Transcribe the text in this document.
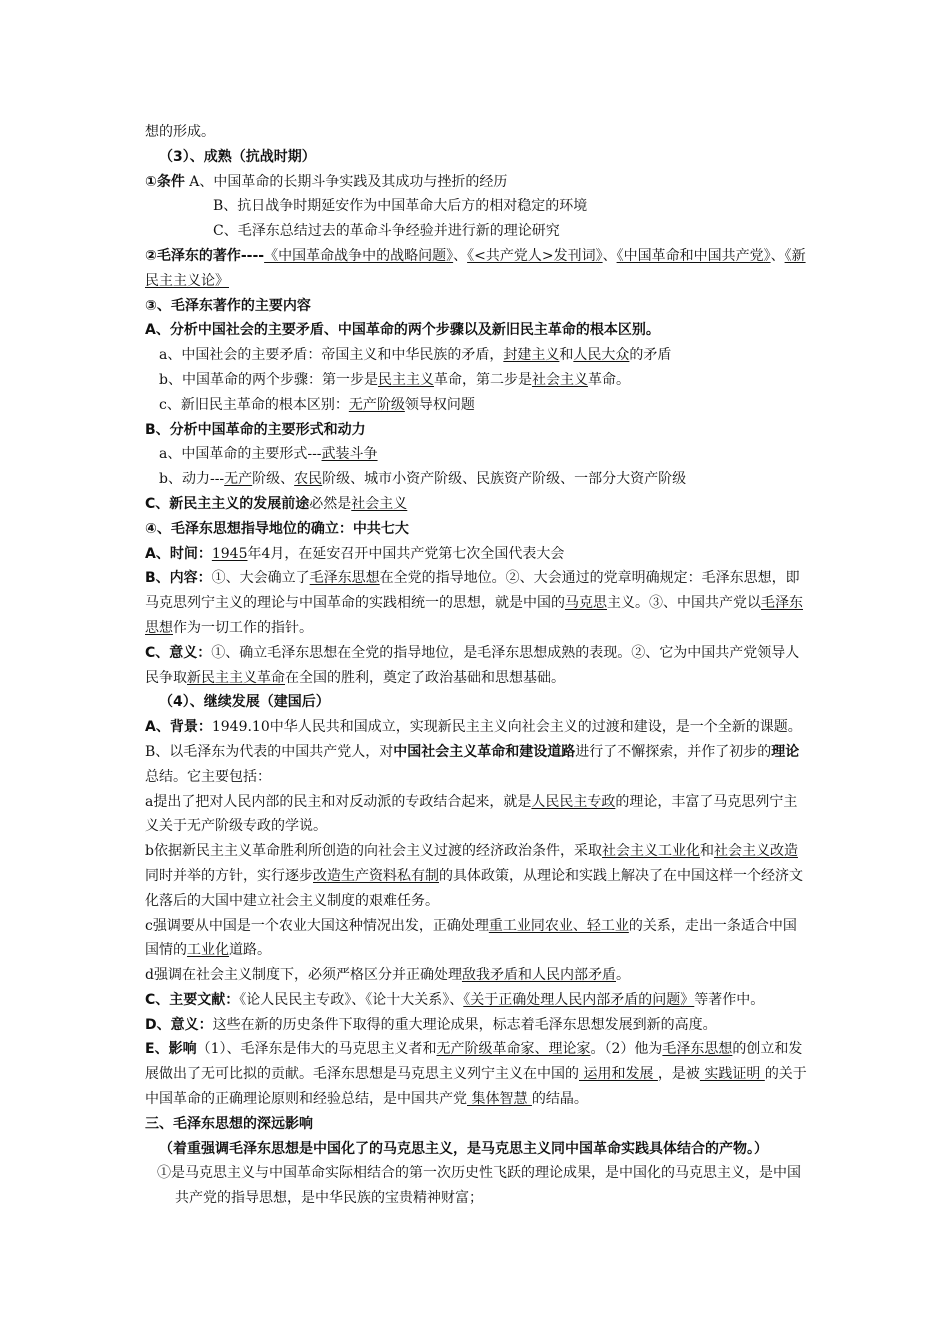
想的形成。
（3）、成熟（抗战时期）
①条件 A、中国革命的长期斗争实践及其成功与挫折的经历
B、抗日战争时期延安作为中国革命大后方的相对稳定的环境
C、毛泽东总结过去的革命斗争经验并进行新的理论研究
②毛泽东的著作----《中国革命战争中的战略问题》、《<共产党人>发刊词》、《中国革命和中国共产党》、《新民主主义论》
③、毛泽东著作的主要内容
A、分析中国社会的主要矛盾、中国革命的两个步骤以及新旧民主革命的根本区别。
a、中国社会的主要矛盾：帝国主义和中华民族的矛盾，封建主义和人民大众的矛盾
b、中国革命的两个步骤：第一步是民主主义革命，第二步是社会主义革命。
c、新旧民主革命的根本区别：无产阶级领导权问题
B、分析中国革命的主要形式和动力
a、中国革命的主要形式---武装斗争
b、动力---无产阶级、农民阶级、城市小资产阶级、民族资产阶级、一部分大资产阶级
C、新民主主义的发展前途必然是社会主义
④、毛泽东思想指导地位的确立：中共七大
A、时间：1945年4月，在延安召开中国共产党第七次全国代表大会
B、内容：①、大会确立了毛泽东思想在全党的指导地位。②、大会通过的党章明确规定：毛泽东思想，即马克思列宁主义的理论与中国革命的实践相统一的思想，就是中国的马克思主义。③、中国共产党以毛泽东思想作为一切工作的指针。
C、意义：①、确立毛泽东思想在全党的指导地位，是毛泽东思想成熟的表现。②、它为中国共产党领导人民争取新民主主义革命在全国的胜利，奠定了政治基础和思想基础。
（4）、继续发展（建国后）
A、背景：1949.10中华人民共和国成立，实现新民主主义向社会主义的过渡和建设，是一个全新的课题。
B、以毛泽东为代表的中国共产党人，对中国社会主义革命和建设道路进行了不懈探索，并作了初步的理论总结。它主要包括：
a提出了把对人民内部的民主和对反动派的专政结合起来，就是人民民主专政的理论，丰富了马克思列宁主义关于无产阶级专政的学说。
b依据新民主主义革命胜利所创造的向社会主义过渡的经济政治条件，采取社会主义工业化和社会主义改造同时并举的方针，实行逐步改造生产资料私有制的具体政策，从理论和实践上解决了在中国这样一个经济文化落后的大国中建立社会主义制度的艰难任务。
c强调要从中国是一个农业大国这种情况出发，正确处理重工业同农业、轻工业的关系，走出一条适合中国国情的工业化道路。
d强调在社会主义制度下，必须严格区分并正确处理敌我矛盾和人民内部矛盾。
C、主要文献：《论人民民主专政》、《论十大关系》、《关于正确处理人民内部矛盾的问题》等著作中。
D、意义：这些在新的历史条件下取得的重大理论成果，标志着毛泽东思想发展到新的高度。
E、影响（1）、毛泽东是伟大的马克思主义者和无产阶级革命家、理论家。（2）他为毛泽东思想的创立和发展做出了无可比拟的贡献。毛泽东思想是马克思主义列宁主义在中国的 运用和发展 ，是被 实践证明 的关于中国革命的正确理论原则和经验总结，是中国共产党 集体智慧 的结晶。
三、毛泽东思想的深远影响
（着重强调毛泽东思想是中国化了的马克思主义，是马克思主义同中国革命实践具体结合的产物。）
①是马克思主义与中国革命实际相结合的第一次历史性飞跃的理论成果，是中国化的马克思主义，是中国共产党的指导思想，是中华民族的宝贵精神财富；
